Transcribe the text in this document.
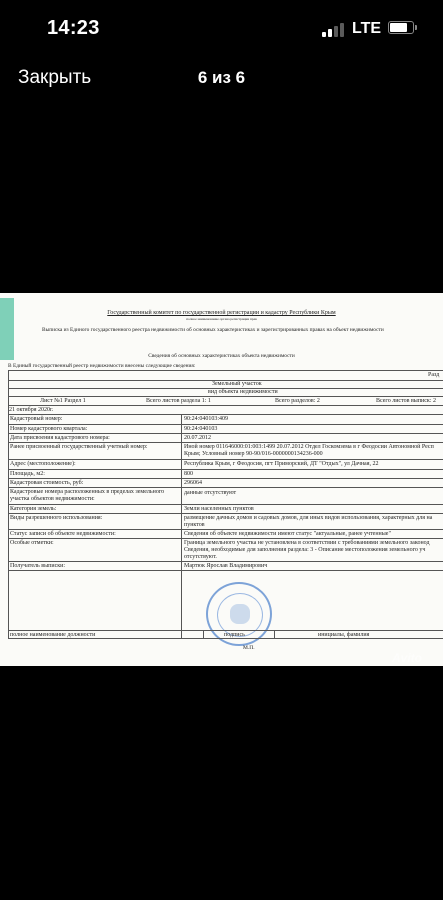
14:23	LTE
Закрыть	6 из 6
Государственный комитет по государственной регистрации и кадастру Республики Крым
полное наименование органа регистрации прав
Выписка из Единого государственного реестра недвижимости об основных характеристиках и зарегистрированных правах на объект недвижимости
Сведения об основных характеристиках объекта недвижимости
В Единый государственный реестр недвижимости внесены следующие сведения:
Разд
Земельный участок
вид объекта недвижимости
Лист №1 Раздел 1	Всего листов раздела 1: 1	Всего разделов: 2	Всего листов выписк: 2
21 октября 2020г.
Кадастровый номер:	90:24:040103:409
Номер кадастрового квартала:	90:24:040103
Дата присвоения кадастрового номера:	20.07.2012
Ранее присвоенный государственный учетный номер:	Иной номер 011646000:01:003:1499 20.07.2012 Отдел Госкомзема в г Феодосии Автономной Респ
Крым; Условный номер 90-90/016-0000000134236-000
Адрес (местоположение):	Республика Крым, г Феодосия, пгт Приморский, ДТ "Отдых", ул Дачная, 22
Площадь, м2:	800
Кадастровая стоимость, руб:	296064
Кадастровые номера расположенных в пределах земельного
участка объектов недвижимости:
данные отсутствуют
Категория земель:	Земли населенных пунктов
Виды разрешенного использования:	размещение дачных домов и садовых домов, для иных видов использования, характерных для на
пунктов
Статус записи об объекте недвижимости:	Сведения об объекте недвижимости имеют статус "актуальные, ранее учтенные"
Особые отметки:	Граница земельного участка не установлена в соответствии с требованиями земельного законод
Сведения, необходимые для заполнения раздела: 3 - Описание местоположения земельного уч
отсутствуют.
Получатель выписки:	Мартюк Ярослав Владимирович
полное наименование должности	подпись	инициалы, фамилия
М.П.
Avito
